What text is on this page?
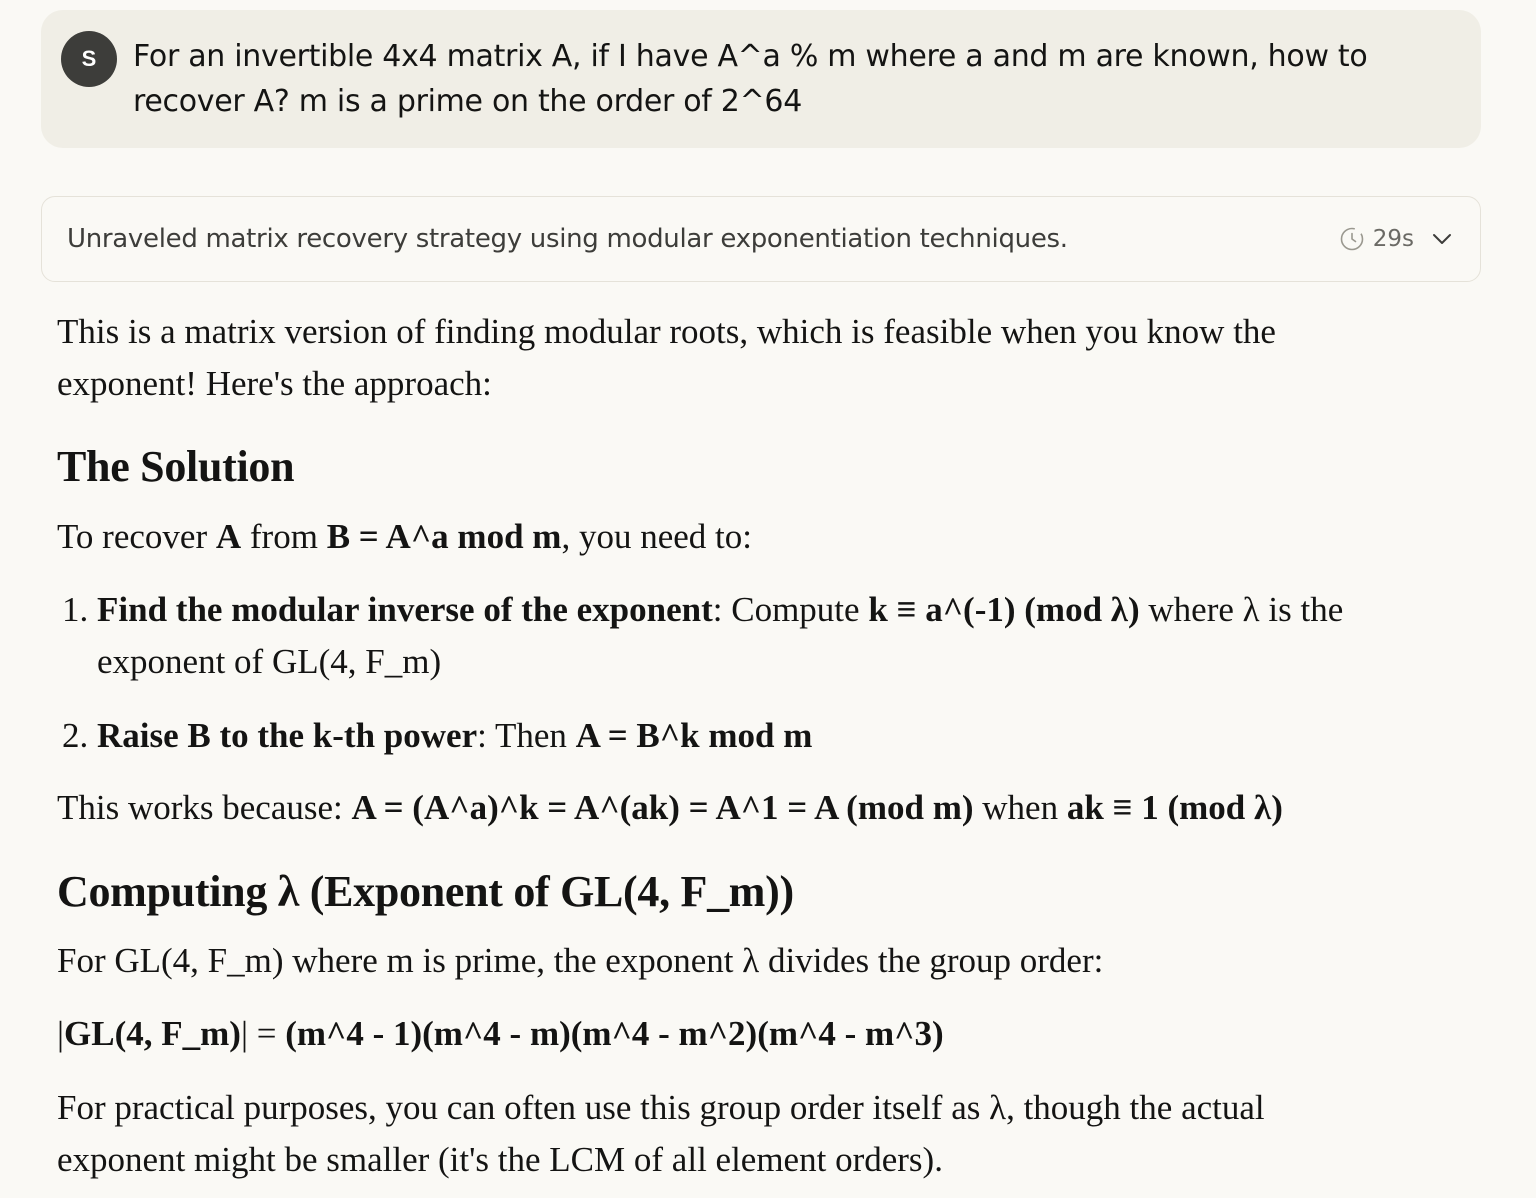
S	For an invertible 4x4 matrix A, if I have A^a % m where a and m are known, how to recover A? m is a prime on the order of 2^64
Unraveled matrix recovery strategy using modular exponentiation techniques.	29s

This is a matrix version of finding modular roots, which is feasible when you know the exponent! Here's the approach:

The Solution

To recover A from B = A^a mod m, you need to:

1. Find the modular inverse of the exponent: Compute k ≡ a^(-1) (mod λ) where λ is the exponent of GL(4, F_m)
2. Raise B to the k-th power: Then A = B^k mod m

This works because: A = (A^a)^k = A^(ak) = A^1 = A (mod m) when ak ≡ 1 (mod λ)

Computing λ (Exponent of GL(4, F_m))

For GL(4, F_m) where m is prime, the exponent λ divides the group order:

|GL(4, F_m)| = (m^4 - 1)(m^4 - m)(m^4 - m^2)(m^4 - m^3)

For practical purposes, you can often use this group order itself as λ, though the actual exponent might be smaller (it's the LCM of all element orders).
